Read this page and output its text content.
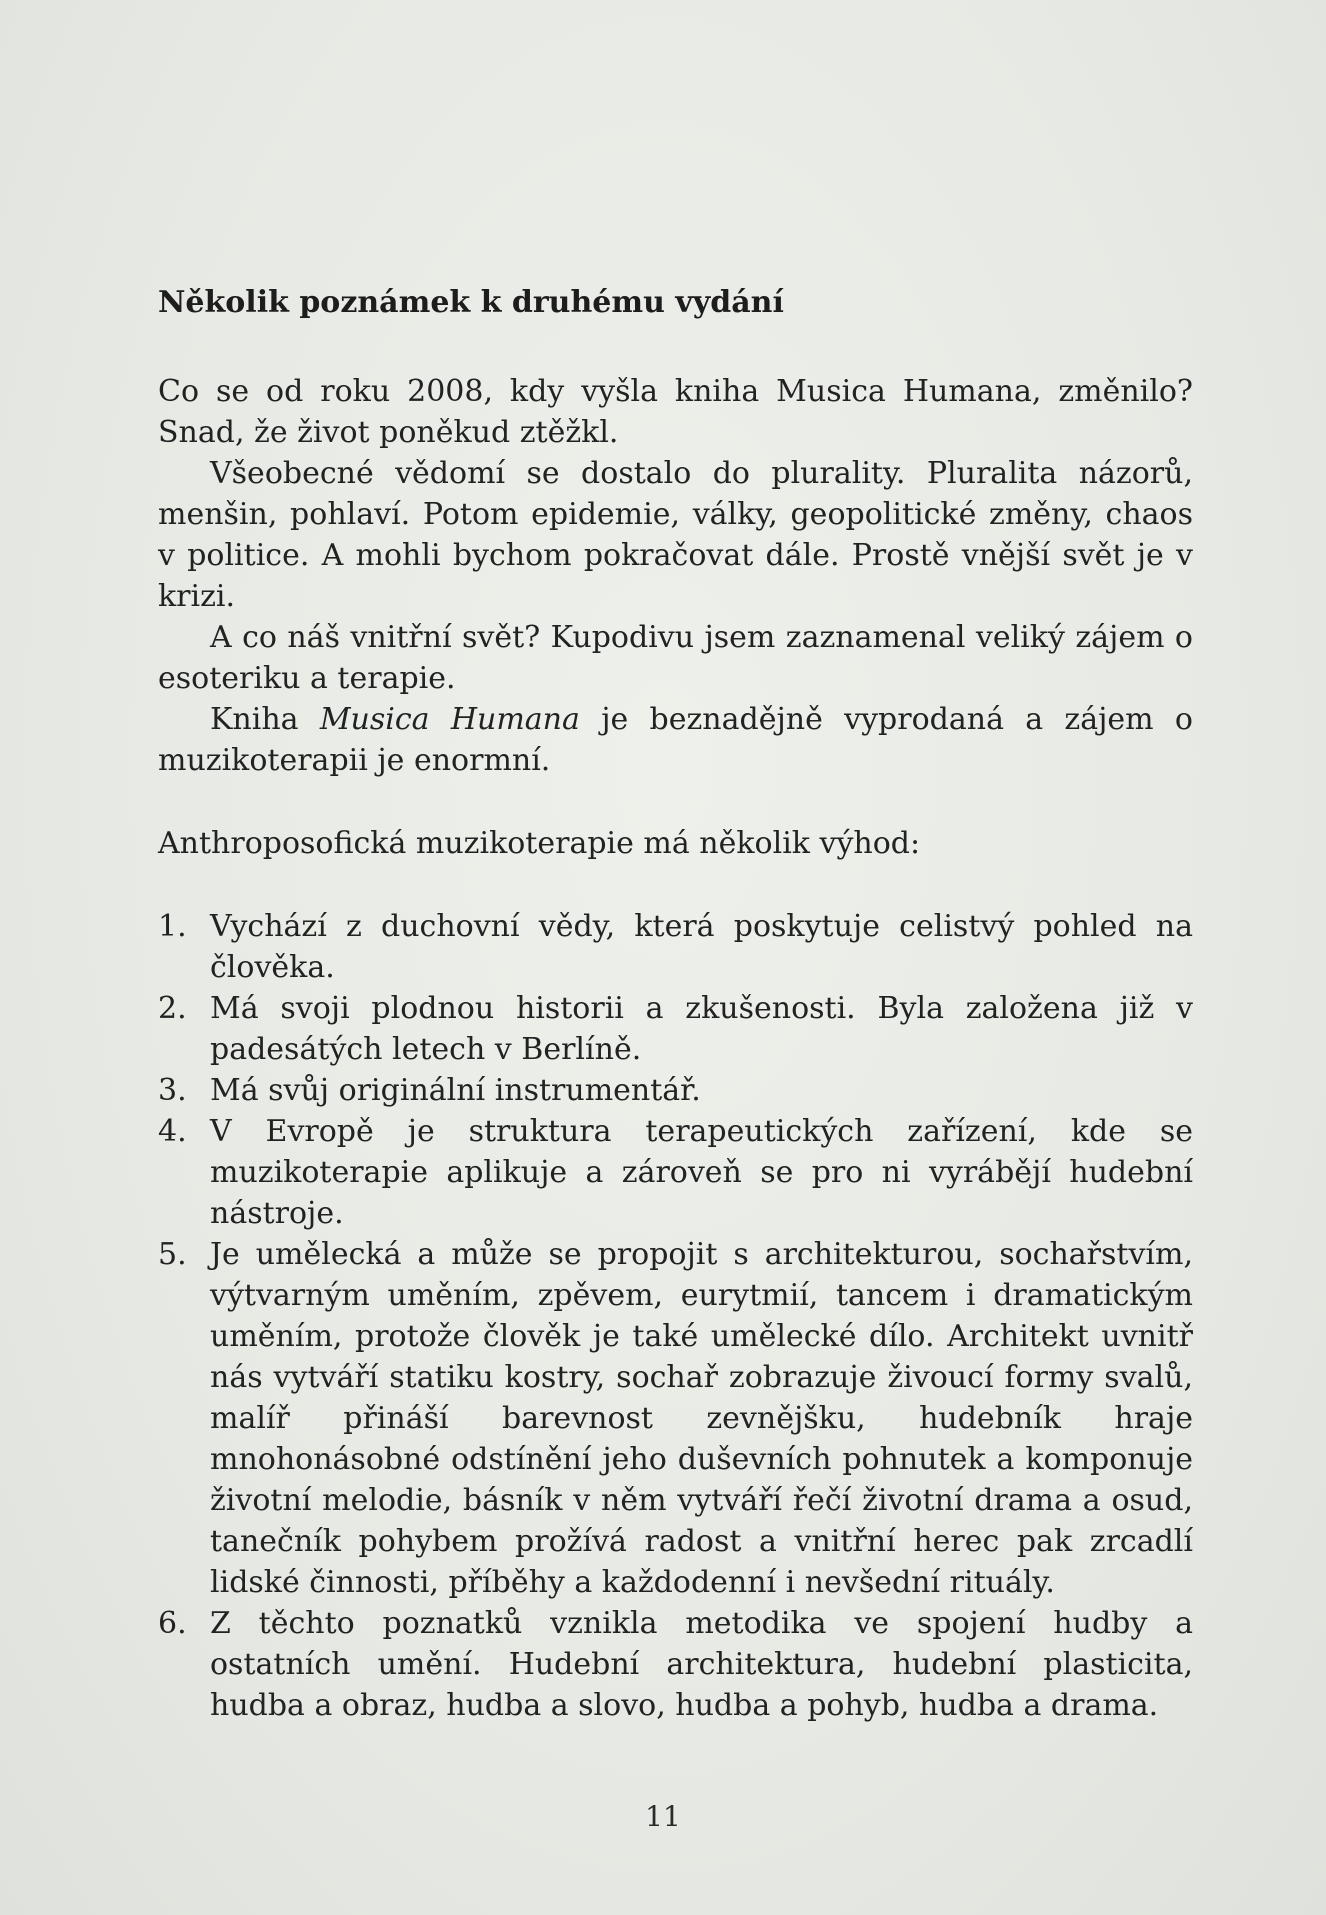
Několik poznámek k druhému vydání

Co se od roku 2008, kdy vyšla kniha Musica Humana, změnilo? Snad, že život poněkud ztěžkl.

Všeobecné vědomí se dostalo do plurality. Pluralita názorů, menšin, pohlaví. Potom epidemie, války, geopolitické změny, chaos v politice. A mohli bychom pokračovat dále. Prostě vnější svět je v krizi.

A co náš vnitřní svět? Kupodivu jsem zaznamenal veliký zájem o esoteriku a terapie.

Kniha Musica Humana je beznadějně vyprodaná a zájem o muzikoterapii je enormní.

Anthroposofická muzikoterapie má několik výhod:

1. Vychází z duchovní vědy, která poskytuje celistvý pohled na člověka.
2. Má svoji plodnou historii a zkušenosti. Byla založena již v padesátých letech v Berlíně.
3. Má svůj originální instrumentář.
4. V Evropě je struktura terapeutických zařízení, kde se muzikoterapie aplikuje a zároveň se pro ni vyrábějí hudební nástroje.
5. Je umělecká a může se propojit s architekturou, sochařstvím, výtvarným uměním, zpěvem, eurytmií, tancem i dramatickým uměním, protože člověk je také umělecké dílo. Architekt uvnitř nás vytváří statiku kostry, sochař zobrazuje živoucí formy svalů, malíř přináší barevnost zevnějšku, hudebník hraje mnohonásobné odstínění jeho duševních pohnutek a komponuje životní melodie, básník v něm vytváří řečí životní drama a osud, tanečník pohybem prožívá radost a vnitřní herec pak zrcadlí lidské činnosti, příběhy a každodenní i nevšední rituály.
6. Z těchto poznatků vznikla metodika ve spojení hudby a ostatních umění. Hudební architektura, hudební plasticita, hudba a obraz, hudba a slovo, hudba a pohyb, hudba a drama.
11
